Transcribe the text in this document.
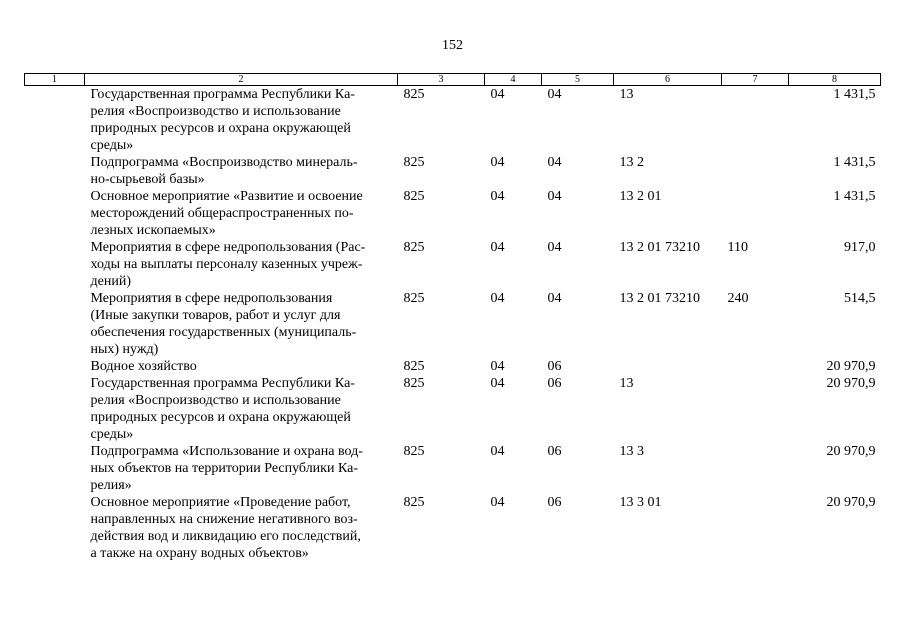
152
1	2	3	4	5	6	7	8
	Государственная программа Республики Ка-
релия «Воспроизводство и использование
природных ресурсов и охрана окружающей
среды»	825	04	04	13		1 431,5
	Подпрограмма «Воспроизводство минераль-
но-сырьевой базы»	825	04	04	13 2		1 431,5
	Основное мероприятие «Развитие и освоение
месторождений общераспространенных по-
лезных ископаемых»	825	04	04	13 2 01		1 431,5
	Мероприятия в сфере недропользования (Рас-
ходы на выплаты персоналу казенных учреж-
дений)	825	04	04	13 2 01 73210	110	917,0
	Мероприятия в сфере недропользования
(Иные закупки товаров, работ и услуг для
обеспечения государственных (муниципаль-
ных) нужд)	825	04	04	13 2 01 73210	240	514,5
	Водное хозяйство	825	04	06			20 970,9
	Государственная программа Республики Ка-
релия «Воспроизводство и использование
природных ресурсов и охрана окружающей
среды»	825	04	06	13		20 970,9
	Подпрограмма «Использование и охрана вод-
ных объектов на территории Республики Ка-
релия»	825	04	06	13 3		20 970,9
	Основное мероприятие «Проведение работ,
направленных на снижение негативного воз-
действия вод и ликвидацию его последствий,
а также на охрану водных объектов»	825	04	06	13 3 01		20 970,9
